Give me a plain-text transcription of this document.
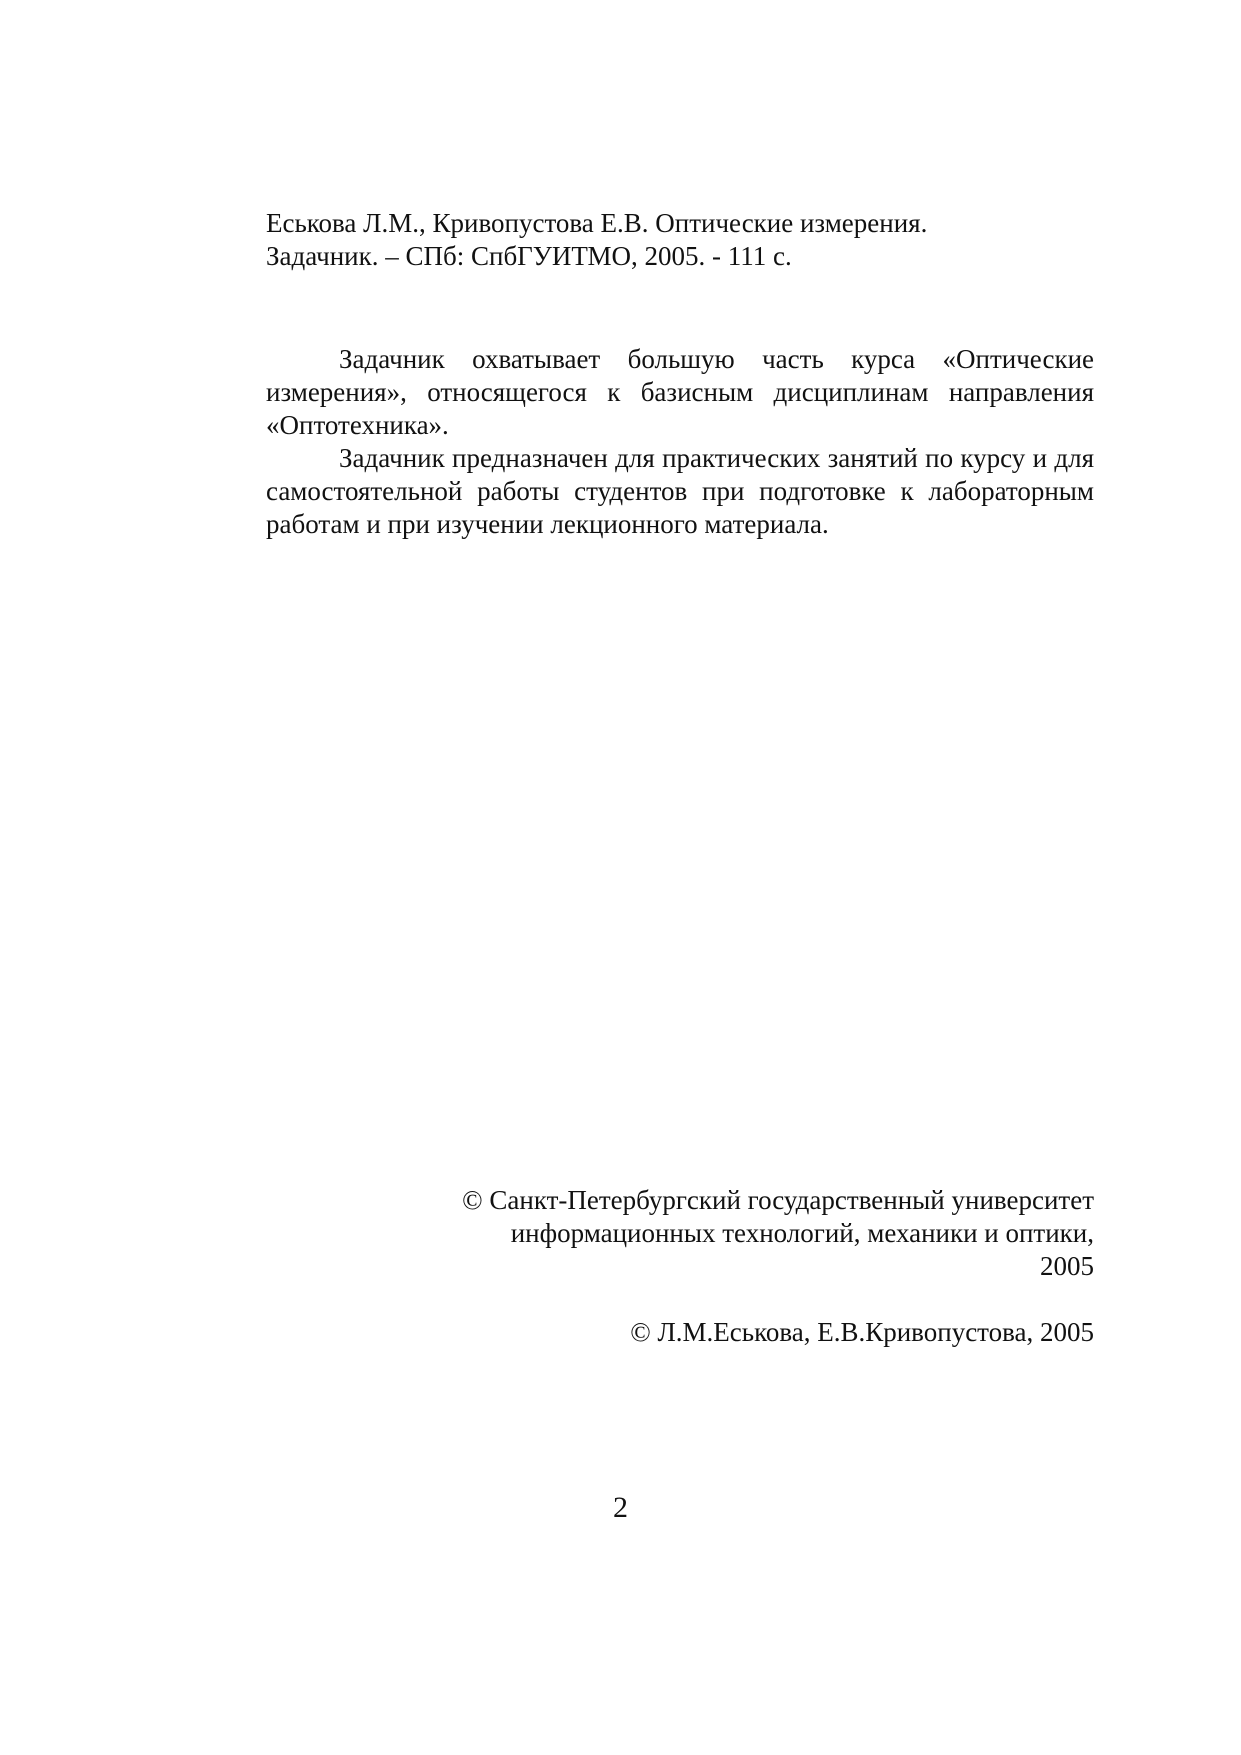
Еськова Л.М., Кривопустова Е.В. Оптические измерения.
Задачник. – СПб: СпбГУИТМО, 2005. - 111 с.

Задачник охватывает большую часть курса «Оптические измерения», относящегося к базисным дисциплинам направления «Оптотехника».

Задачник предназначен для практических занятий по курсу и для самостоятельной работы студентов при подготовке к лабораторным работам и при изучении лекционного материала.

© Санкт-Петербургский государственный университет

информационных технологий, механики и оптики,

2005

© Л.М.Еськова, Е.В.Кривопустова, 2005

2
